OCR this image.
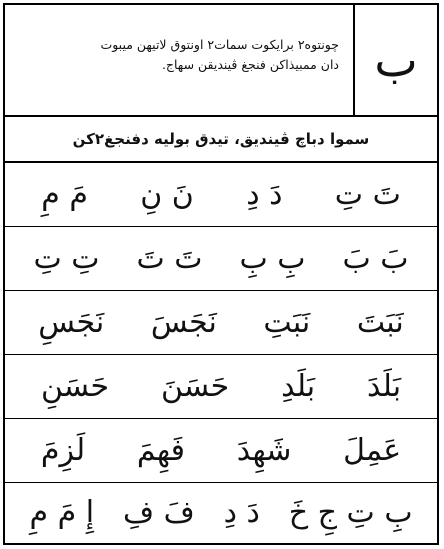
چونتوه٢ برايكوت سمات٢ اونتوق لاتيهن ميبوت
دان ممبيذاكن فنجغ ڤيندیقن سهاج. ب
سموا دباچ ڤيندیق، تيدق بوليه دفنجغ٢كن
تَ تِ
دَ دِ
نَ نِ
مَ مِ
بَ بَ
بِ بِ
تَ تَ
تِ تِ
نَبَتَ
نَبَتِ
نَجَسَ
نَجَسِ
بَلَدَ
بَلَدِ
حَسَنَ
حَسَنِ
عَمِلَ
شَهِدَ
فَهِمَ
لَزِمَ
بِ تِ جِ خَ
دَ دِ
فَ فِ
إِ مَ مِ
